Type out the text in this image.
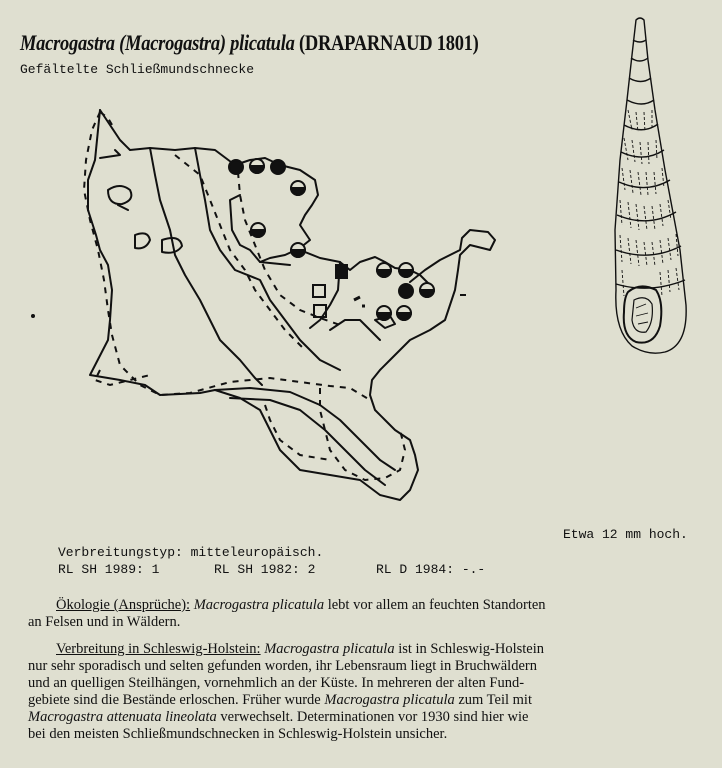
Macrogastra (Macrogastra) plicatula (DRAPARNAUD 1801)
Gefältelte Schließmundschnecke
Etwa 12 mm hoch.
Verbreitungstyp: mitteleuropäisch.
RL SH 1989: 1	RL SH 1982: 2	RL D 1984: -.-
Ökologie (Ansprüche): Macrogastra plicatula lebt vor allem an feuchten Standorten
an Felsen und in Wäldern.
Verbreitung in Schleswig-Holstein: Macrogastra plicatula ist in Schleswig-Holstein
nur sehr sporadisch und selten gefunden worden, ihr Lebensraum liegt in Bruchwäldern
und an quelligen Steilhängen, vornehmlich an der Küste. In mehreren der alten Fund-
gebiete sind die Bestände erloschen. Früher wurde Macrogastra plicatula zum Teil mit
Macrogastra attenuata lineolata verwechselt. Determinationen vor 1930 sind hier wie
bei den meisten Schließmundschnecken in Schleswig-Holstein unsicher.
